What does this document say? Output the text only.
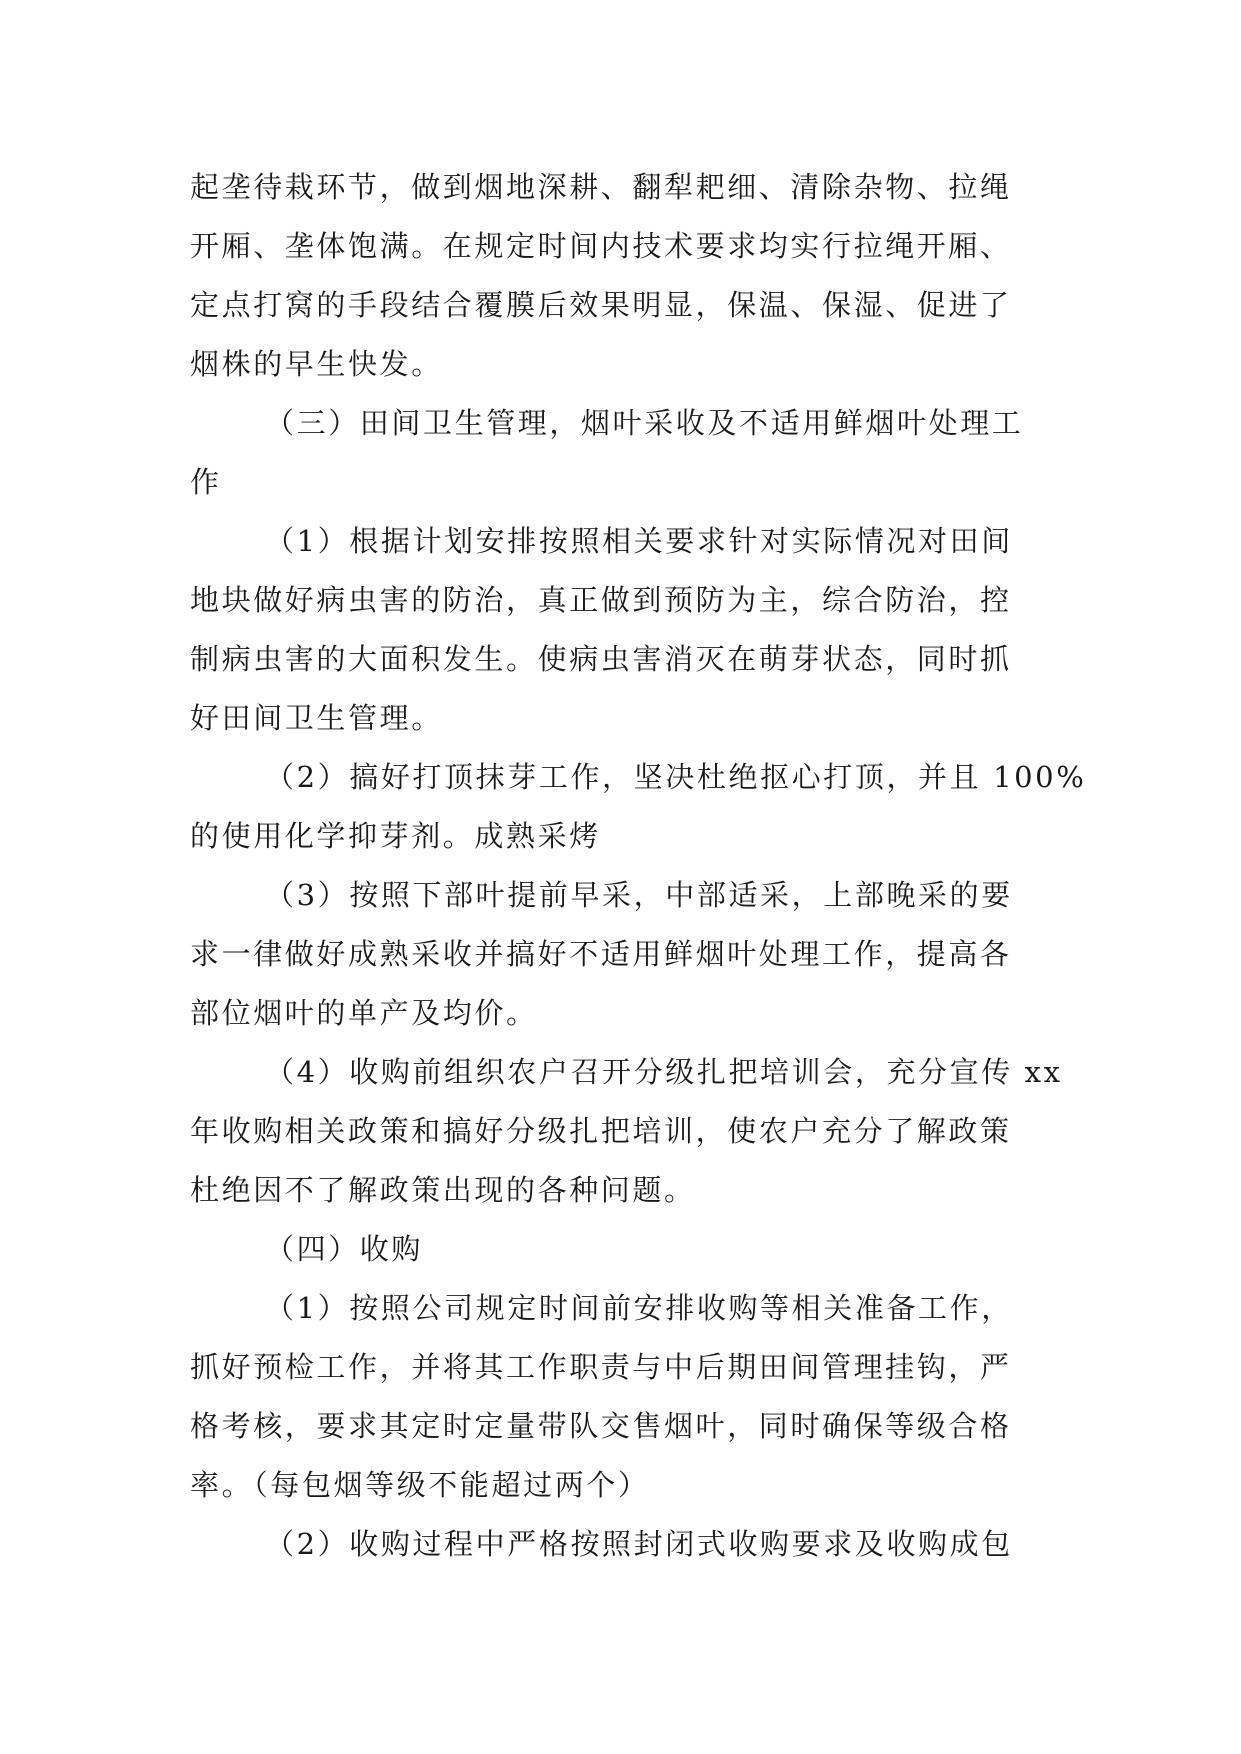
起垄待栽环节，做到烟地深耕、翻犁耙细、清除杂物、拉绳
开厢、垄体饱满。在规定时间内技术要求均实行拉绳开厢、
定点打窝的手段结合覆膜后效果明显，保温、保湿、促进了
烟株的早生快发。
（三）田间卫生管理，烟叶采收及不适用鲜烟叶处理工
作
（1）根据计划安排按照相关要求针对实际情况对田间
地块做好病虫害的防治，真正做到预防为主，综合防治，控
制病虫害的大面积发生。使病虫害消灭在萌芽状态，同时抓
好田间卫生管理。
（2）搞好打顶抹芽工作，坚决杜绝抠心打顶，并且 100%
的使用化学抑芽剂。成熟采烤
（3）按照下部叶提前早采，中部适采，上部晚采的要
求一律做好成熟采收并搞好不适用鲜烟叶处理工作，提高各
部位烟叶的单产及均价。
（4）收购前组织农户召开分级扎把培训会，充分宣传 xx
年收购相关政策和搞好分级扎把培训，使农户充分了解政策
杜绝因不了解政策出现的各种问题。
（四）收购
（1）按照公司规定时间前安排收购等相关准备工作，
抓好预检工作，并将其工作职责与中后期田间管理挂钩，严
格考核，要求其定时定量带队交售烟叶，同时确保等级合格
率。（每包烟等级不能超过两个）
（2）收购过程中严格按照封闭式收购要求及收购成包
